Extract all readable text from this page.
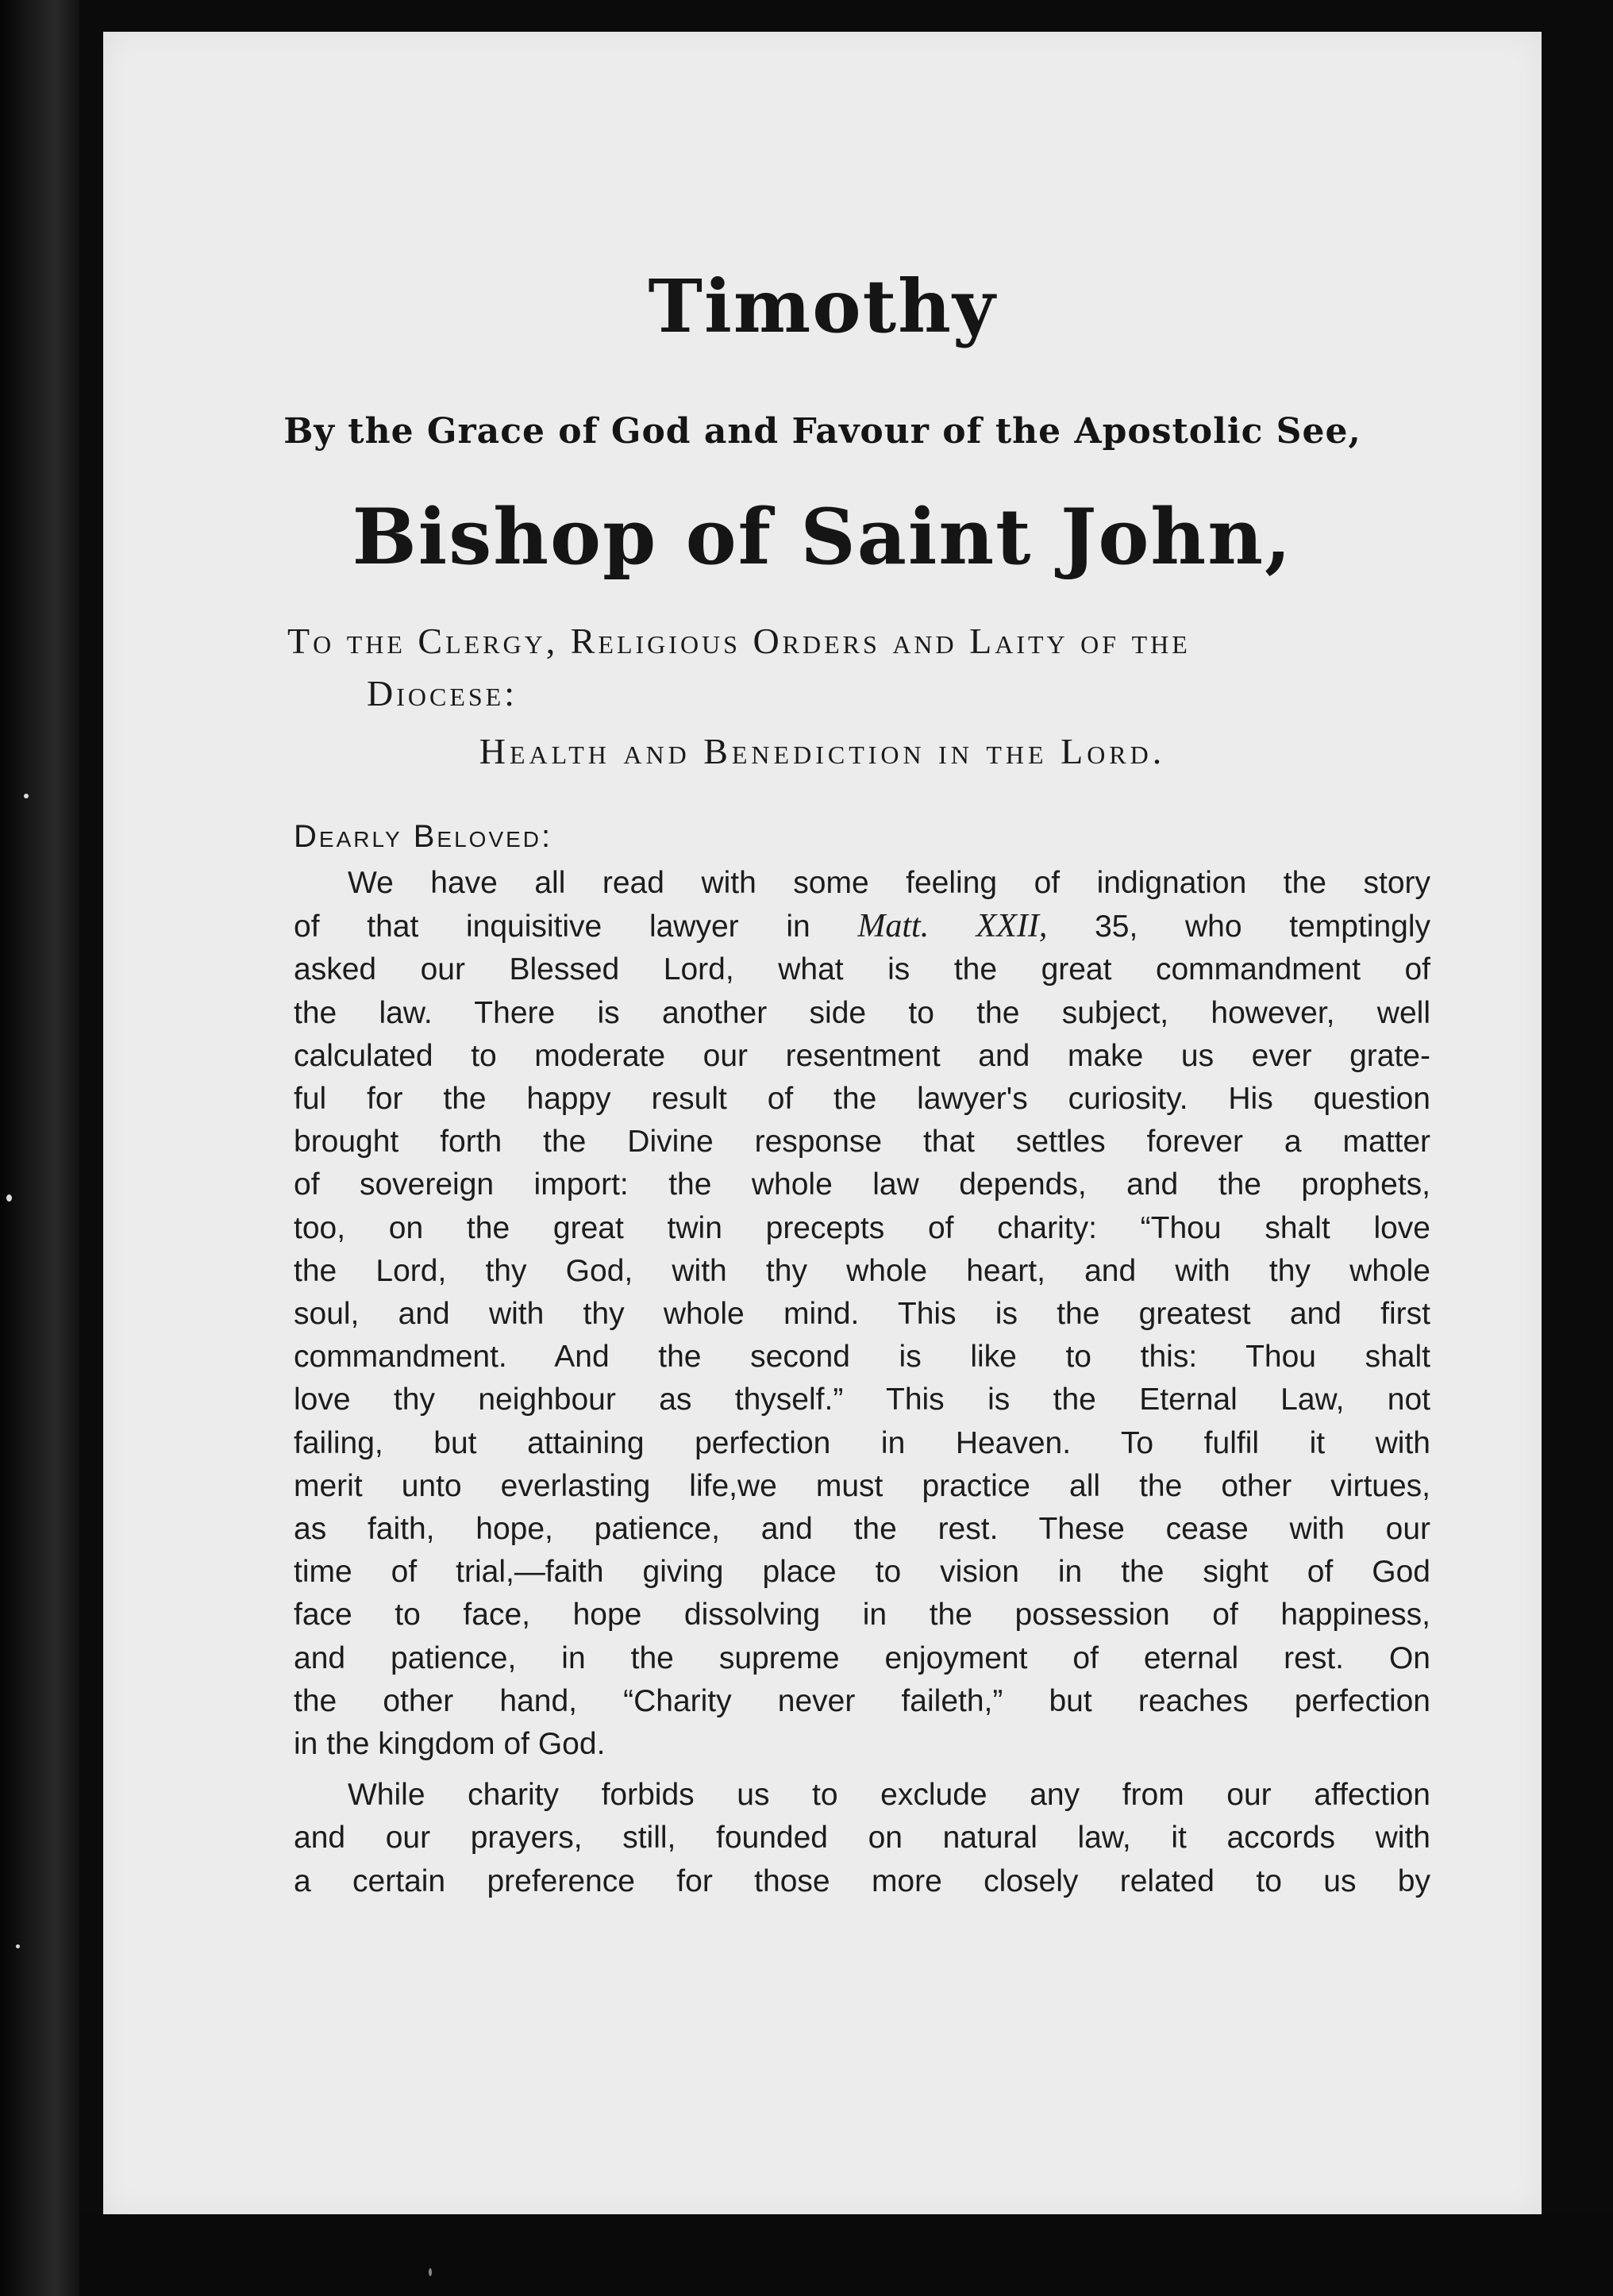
Timothy
By the Grace of God and Favour of the Apostolic See,
Bishop of Saint John,
To the Clergy, Religious Orders and Laity of the
Diocese:
Health and Benediction in the Lord.
Dearly Beloved:
We have all read with some feeling of indignation the story
of that inquisitive lawyer in Matt. XXII, 35, who temptingly
asked our Blessed Lord, what is the great commandment of
the law. There is another side to the subject, however, well
calculated to moderate our resentment and make us ever grate-
ful for the happy result of the lawyer's curiosity. His question
brought forth the Divine response that settles forever a matter
of sovereign import: the whole law depends, and the prophets,
too, on the great twin precepts of charity: “Thou shalt love
the Lord, thy God, with thy whole heart, and with thy whole
soul, and with thy whole mind. This is the greatest and first
commandment. And the second is like to this: Thou shalt
love thy neighbour as thyself.” This is the Eternal Law, not
failing, but attaining perfection in Heaven. To fulfil it with
merit unto everlasting life,we must practice all the other virtues,
as faith, hope, patience, and the rest. These cease with our
time of trial,—faith giving place to vision in the sight of God
face to face, hope dissolving in the possession of happiness,
and patience, in the supreme enjoyment of eternal rest. On
the other hand, “Charity never faileth,” but reaches perfection
in the kingdom of God.
While charity forbids us to exclude any from our affection
and our prayers, still, founded on natural law, it accords with
a certain preference for those more closely related to us by
